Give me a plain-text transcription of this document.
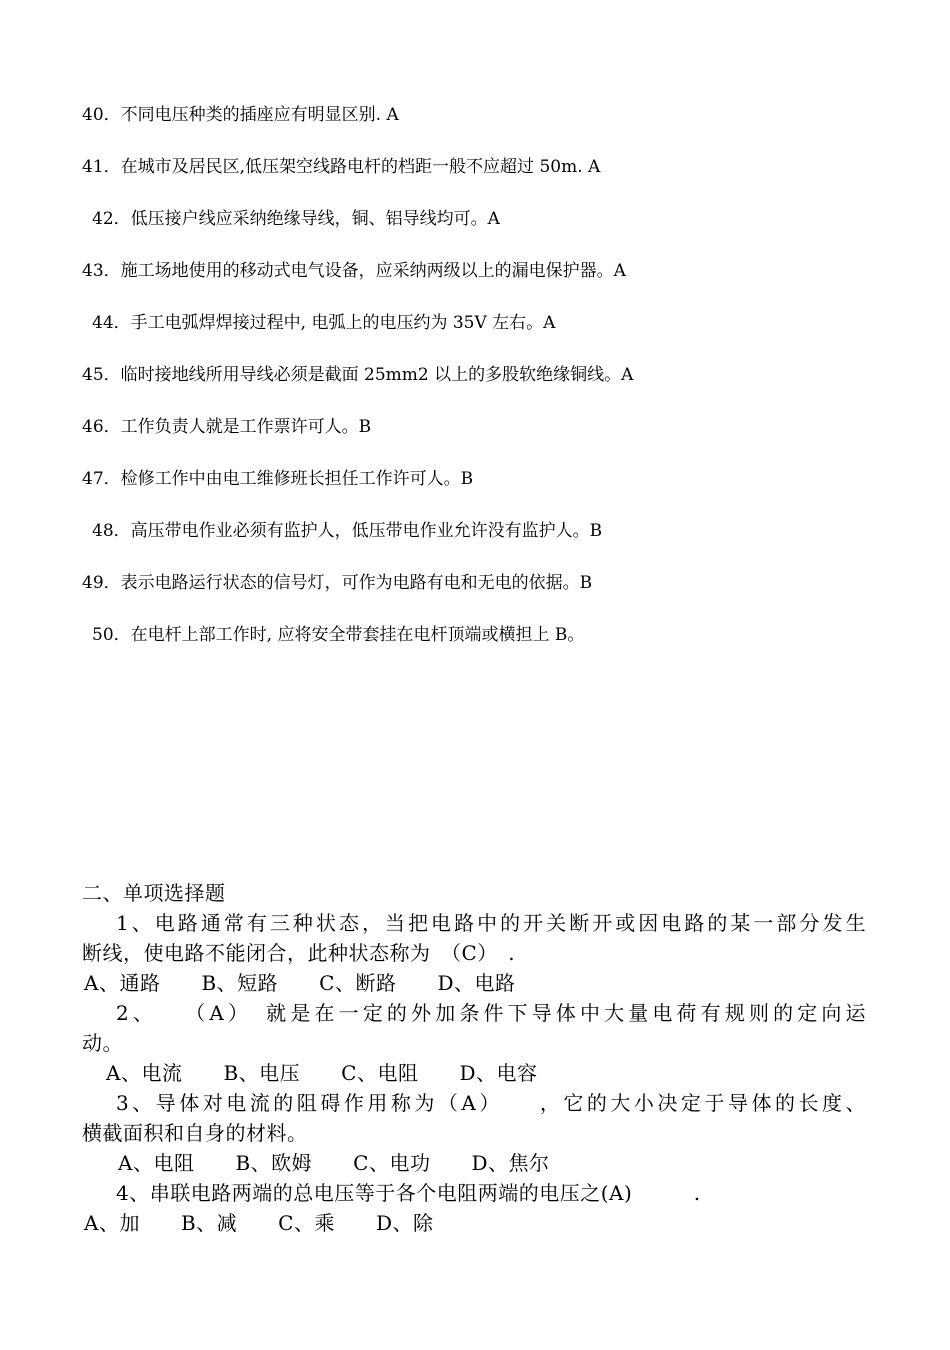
40．不同电压种类的插座应有明显区别. A
41．在城市及居民区,低压架空线路电杆的档距一般不应超过 50m. A
42．低压接户线应采纳绝缘导线，铜、铝导线均可。A
43．施工场地使用的移动式电气设备，应采纳两级以上的漏电保护器。A
44．手工电弧焊焊接过程中, 电弧上的电压约为 35V 左右。A
45．临时接地线所用导线必须是截面 25mm2 以上的多股软绝缘铜线。A
46．工作负责人就是工作票许可人。B
47．检修工作中由电工维修班长担任工作许可人。B
48．高压带电作业必须有监护人，低压带电作业允许没有监护人。B
49．表示电路运行状态的信号灯，可作为电路有电和无电的依据。B
50．在电杆上部工作时, 应将安全带套挂在电杆顶端或横担上 B。
二、单项选择题
1、电路通常有三种状态，当把电路中的开关断开或因电路的某一部分发生
断线，使电路不能闭合，此种状态称为　（C）　.
A、通路　　B、短路　　C、断路　　D、电路
2、　　（A）　就是在一定的外加条件下导体中大量电荷有规则的定向运
动。
A、电流　　B、电压　　C、电阻　　D、电容
3、导体对电流的阻碍作用称为（A）　　，它的大小决定于导体的长度、
横截面积和自身的材料。
A、电阻　　B、欧姆　　C、电功　　D、焦尔
4、串联电路两端的总电压等于各个电阻两端的电压之(A)　　　.
A、加　　B、减　　C、乘　　D、除
